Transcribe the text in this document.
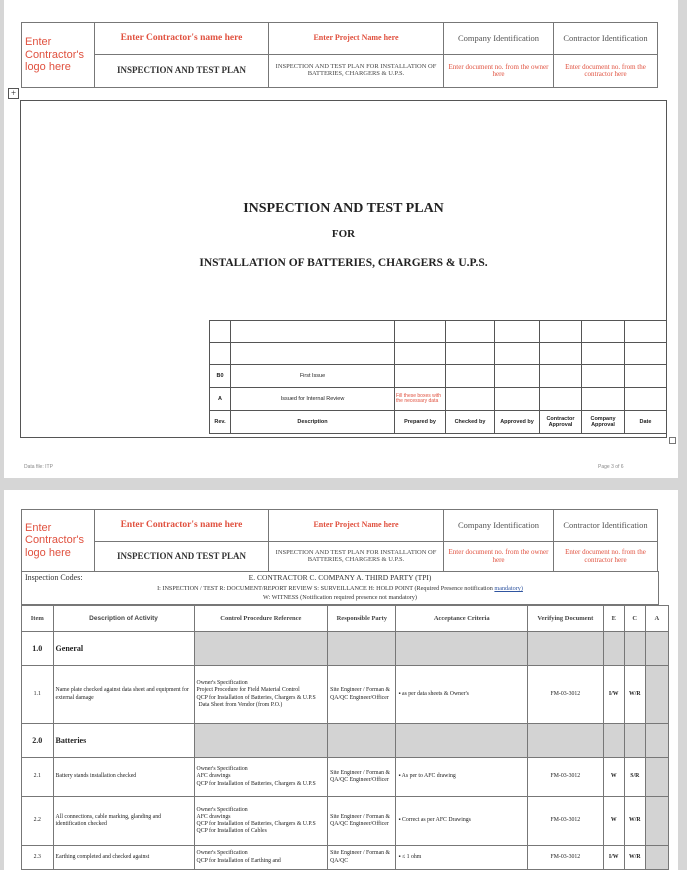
Enter Contractor's logo here	Enter Contractor's name here	Enter Project Name here	Company Identification	Contractor Identification
	INSPECTION AND TEST PLAN	INSPECTION AND TEST PLAN FOR INSTALLATION OF BATTERIES, CHARGERS & U.P.S.	Enter document no. from the owner here	Enter document no. from the contractor here
+
INSPECTION AND TEST PLAN
FOR
INSTALLATION OF BATTERIES, CHARGERS & U.P.S.

B0	First Issue						
A	Issued for Internal Review	Fill these boxes with the necessary data					
Rev.	Description	Prepared by	Checked by	Approved by	Contractor Approval	Company Approval	Date
Data file: ITP	Page 3 of 6
Enter Contractor's logo here	Enter Contractor's name here	Enter Project Name here	Company Identification	Contractor Identification
	INSPECTION AND TEST PLAN	INSPECTION AND TEST PLAN FOR INSTALLATION OF BATTERIES, CHARGERS & U.P.S.	Enter document no. from the owner here	Enter document no. from the contractor here
Inspection Codes:	E. CONTRACTOR C. COMPANY A. THIRD PARTY (TPI)
I: INSPECTION / TEST R: DOCUMENT/REPORT REVIEW S: SURVEILLANCE H: HOLD POINT (Required Presence notification mandatory)
W: WITNESS (Notification required presence not mandatory)
Item	Description of Activity	Control Procedure Reference	Responsible Party	Acceptance Criteria	Verifying Document	E	C	A
1.0	General							
1.1	Name plate checked against data sheet and equipment for external damage	Owner's Specification
Project Procedure for Field Material Control
QCP for Installation of Batteries, Chargers & U.P.S
Data Sheet from Vendor (from P.O.)	Site Engineer / Forman & QA/QC Engineer/Officer	▪ as per data sheets & Owner's	FM-03-3012	I/W	W/R	
2.0	Batteries							
2.1	Battery stands installation checked	Owner's Specification
AFC drawings
QCP for Installation of Batteries, Chargers & U.P.S	Site Engineer / Forman & QA/QC Engineer/Officer	▪ As per to AFC drawing	FM-03-3012	W	S/R	
2.2	All connections, cable marking, glanding and identification checked	Owner's Specification
AFC drawings
QCP for Installation of Batteries, Chargers & U.P.S
QCP for Installation of Cables	Site Engineer / Forman & QA/QC Engineer/Officer	▪ Correct as per AFC Drawings	FM-03-3012	W	W/R	
2.3	Earthing completed and checked against	Owner's Specification
QCP for Installation of Earthing and	Site Engineer / Forman & QA/QC	▪ ≤ 1 ohm	FM-03-3012	I/W	W/R	
